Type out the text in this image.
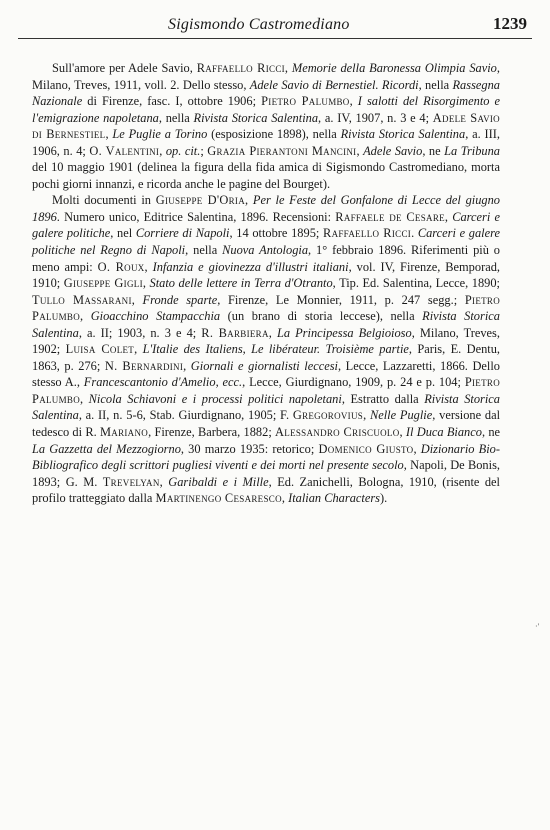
Sigismondo Castromediano	1239

Sull'amore per Adele Savio, Raffaello Ricci, Memorie della Baronessa Olimpia Savio, Milano, Treves, 1911, voll. 2. Dello stesso, Adele Savio di Bernestiel. Ricordi, nella Rassegna Nazionale di Firenze, fasc. I, ottobre 1906; Pietro Palumbo, I salotti del Risorgimento e l'emigrazione napoletana, nella Rivista Storica Salentina, a. IV, 1907, n. 3 e 4; Adele Savio di Bernestiel, Le Puglie a Torino (esposizione 1898), nella Rivista Storica Salentina, a. III, 1906, n. 4; O. Valentini, op. cit.; Grazia Pierantoni Mancini, Adele Savio, ne La Tribuna del 10 maggio 1901 (delinea la figura della fida amica di Sigismondo Castromediano, morta pochi giorni innanzi, e ricorda anche le pagine del Bourget).

Molti documenti in Giuseppe D'Oria, Per le Feste del Gonfalone di Lecce del giugno 1896. Numero unico, Editrice Salentina, 1896. Recensioni: Raffaele de Cesare, Carceri e galere politiche, nel Corriere di Napoli, 14 ottobre 1895; Raffaello Ricci. Carceri e galere politiche nel Regno di Napoli, nella Nuova Antologia, 1° febbraio 1896. Riferimenti più o meno ampi: O. Roux, Infanzia e giovinezza d'illustri italiani, vol. IV, Firenze, Bemporad, 1910; Giuseppe Gigli, Stato delle lettere in Terra d'Otranto, Tip. Ed. Salentina, Lecce, 1890; Tullo Massarani, Fronde sparte, Firenze, Le Monnier, 1911, p. 247 segg.; Pietro Palumbo, Gioacchino Stampacchia (un brano di storia leccese), nella Rivista Storica Salentina, a. II; 1903, n. 3 e 4; R. Barbiera, La Principessa Belgioioso, Milano, Treves, 1902; Luisa Colet, L'Italie des Italiens, Le libérateur. Troisième partie, Paris, E. Dentu, 1863, p. 276; N. Bernardini, Giornali e giornalisti leccesi, Lecce, Lazzaretti, 1866. Dello stesso A., Francescantonio d'Amelio, ecc., Lecce, Giurdignano, 1909, p. 24 e p. 104; Pietro Palumbo, Nicola Schiavoni e i processi politici napoletani, Estratto dalla Rivista Storica Salentina, a. II, n. 5-6, Stab. Giurdignano, 1905; F. Gregorovius, Nelle Puglie, versione dal tedesco di R. Mariano, Firenze, Barbera, 1882; Alessandro Criscuolo, Il Duca Bianco, ne La Gazzetta del Mezzogiorno, 30 marzo 1935: retorico; Domenico Giusto, Dizionario Bio-Bibliografico degli scrittori pugliesi viventi e dei morti nel presente secolo, Napoli, De Bonis, 1893; G. M. Trevelyan, Garibaldi e i Mille, Ed. Zanichelli, Bologna, 1910, (risente del profilo tratteggiato dalla Martinengo Cesaresco, Italian Characters).

·'
